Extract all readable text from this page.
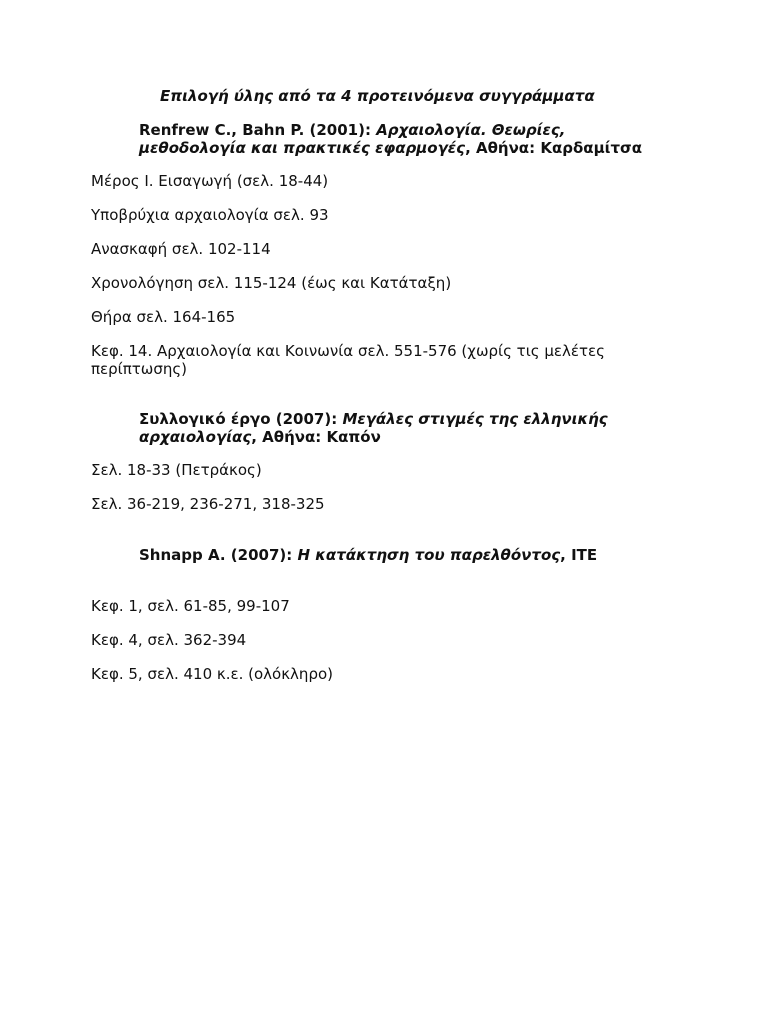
Επιλογή ύλης από τα 4 προτεινόμενα συγγράμματα
Renfrew C., Bahn P. (2001): Αρχαιολογία. Θεωρίες, μεθοδολογία και πρακτικές εφαρμογές, Αθήνα: Καρδαμίτσα
Μέρος I. Εισαγωγή (σελ. 18-44)
Υποβρύχια αρχαιολογία σελ. 93
Ανασκαφή σελ. 102-114
Χρονολόγηση σελ. 115-124 (έως και Κατάταξη)
Θήρα σελ. 164-165
Κεφ. 14. Αρχαιολογία και Κοινωνία σελ. 551-576 (χωρίς τις μελέτες περίπτωσης)
Συλλογικό έργο (2007): Μεγάλες στιγμές της ελληνικής αρχαιολογίας, Αθήνα: Καπόν
Σελ. 18-33 (Πετράκος)
Σελ. 36-219, 236-271, 318-325
Shnapp A. (2007): Η κατάκτηση του παρελθόντος, ΙΤΕ
Κεφ. 1, σελ. 61-85, 99-107
Κεφ. 4, σελ. 362-394
Κεφ. 5, σελ. 410 κ.ε. (ολόκληρο)
